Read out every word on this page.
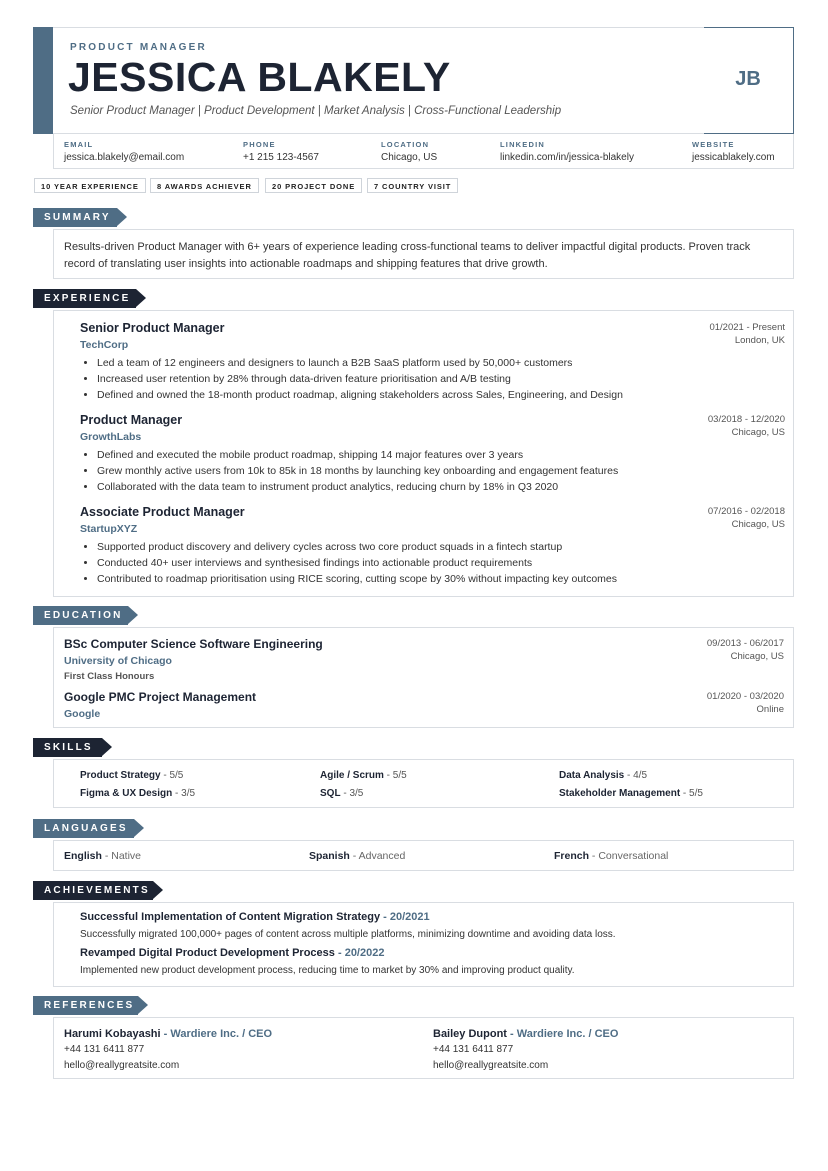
PRODUCT MANAGER
JESSICA BLAKELY
Senior Product Manager | Product Development | Market Analysis | Cross-Functional Leadership
JB
EMAIL
jessica.blakely@email.com
PHONE
+1 215 123-4567
LOCATION
Chicago, US
LINKEDIN
linkedin.com/in/jessica-blakely
WEBSITE
jessicablakely.com
10 YEAR EXPERIENCE	8 AWARDS ACHIEVER	20 PROJECT DONE	7 COUNTRY VISIT
SUMMARY
Results-driven Product Manager with 6+ years of experience leading cross-functional teams to deliver impactful digital products. Proven track record of translating user insights into actionable roadmaps and shipping features that drive growth.
EXPERIENCE
Senior Product Manager
TechCorp
01/2021 - Present
London, UK
• Led a team of 12 engineers and designers to launch a B2B SaaS platform used by 50,000+ customers
• Increased user retention by 28% through data-driven feature prioritisation and A/B testing
• Defined and owned the 18-month product roadmap, aligning stakeholders across Sales, Engineering, and Design
Product Manager
GrowthLabs
03/2018 - 12/2020
Chicago, US
• Defined and executed the mobile product roadmap, shipping 14 major features over 3 years
• Grew monthly active users from 10k to 85k in 18 months by launching key onboarding and engagement features
• Collaborated with the data team to instrument product analytics, reducing churn by 18% in Q3 2020
Associate Product Manager
StartupXYZ
07/2016 - 02/2018
Chicago, US
• Supported product discovery and delivery cycles across two core product squads in a fintech startup
• Conducted 40+ user interviews and synthesised findings into actionable product requirements
• Contributed to roadmap prioritisation using RICE scoring, cutting scope by 30% without impacting key outcomes
EDUCATION
BSc Computer Science Software Engineering
University of Chicago
First Class Honours
09/2013 - 06/2017
Chicago, US
Google PMC Project Management
Google
01/2020 - 03/2020
Online
SKILLS
Product Strategy - 5/5	Agile / Scrum - 5/5	Data Analysis - 4/5
Figma & UX Design - 3/5	SQL - 3/5	Stakeholder Management - 5/5
LANGUAGES
English - Native	Spanish - Advanced	French - Conversational
ACHIEVEMENTS
Successful Implementation of Content Migration Strategy - 20/2021
Successfully migrated 100,000+ pages of content across multiple platforms, minimizing downtime and avoiding data loss.
Revamped Digital Product Development Process - 20/2022
Implemented new product development process, reducing time to market by 30% and improving product quality.
REFERENCES
Harumi Kobayashi - Wardiere Inc. / CEO
+44 131 6411 877
hello@reallygreatsite.com
Bailey Dupont - Wardiere Inc. / CEO
+44 131 6411 877
hello@reallygreatsite.com
